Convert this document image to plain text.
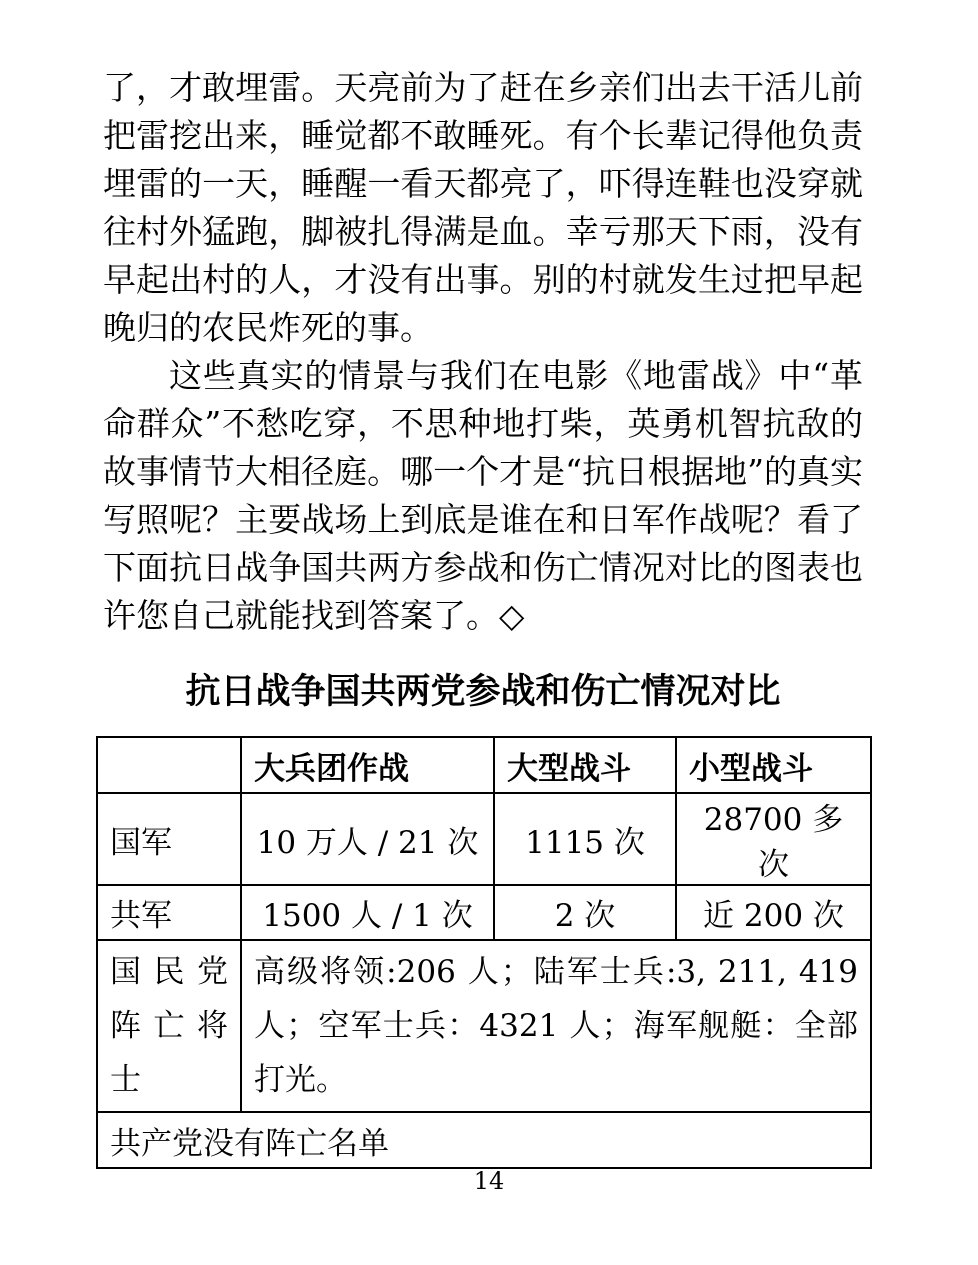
了，才敢埋雷。天亮前为了赶在乡亲们出去干活儿前把雷挖出来，睡觉都不敢睡死。有个长辈记得他负责埋雷的一天，睡醒一看天都亮了，吓得连鞋也没穿就往村外猛跑，脚被扎得满是血。幸亏那天下雨，没有早起出村的人，才没有出事。别的村就发生过把早起晚归的农民炸死的事。

这些真实的情景与我们在电影《地雷战》中“革命群众”不愁吃穿，不思种地打柴，英勇机智抗敌的故事情节大相径庭。哪一个才是“抗日根据地”的真实写照呢？主要战场上到底是谁在和日军作战呢？看了下面抗日战争国共两方参战和伤亡情况对比的图表也许您自己就能找到答案了。◇

抗日战争国共两党参战和伤亡情况对比
	大兵团作战	大型战斗	小型战斗
国军	10 万人 / 21 次	1115 次	28700 多次
共军	1500 人 / 1 次	2 次	近 200 次
国民党阵亡将士	高级将领:206 人；陆军士兵:3, 211, 419 人；空军士兵：4321 人；海军舰艇：全部打光。		
共产党没有阵亡名单			
14
